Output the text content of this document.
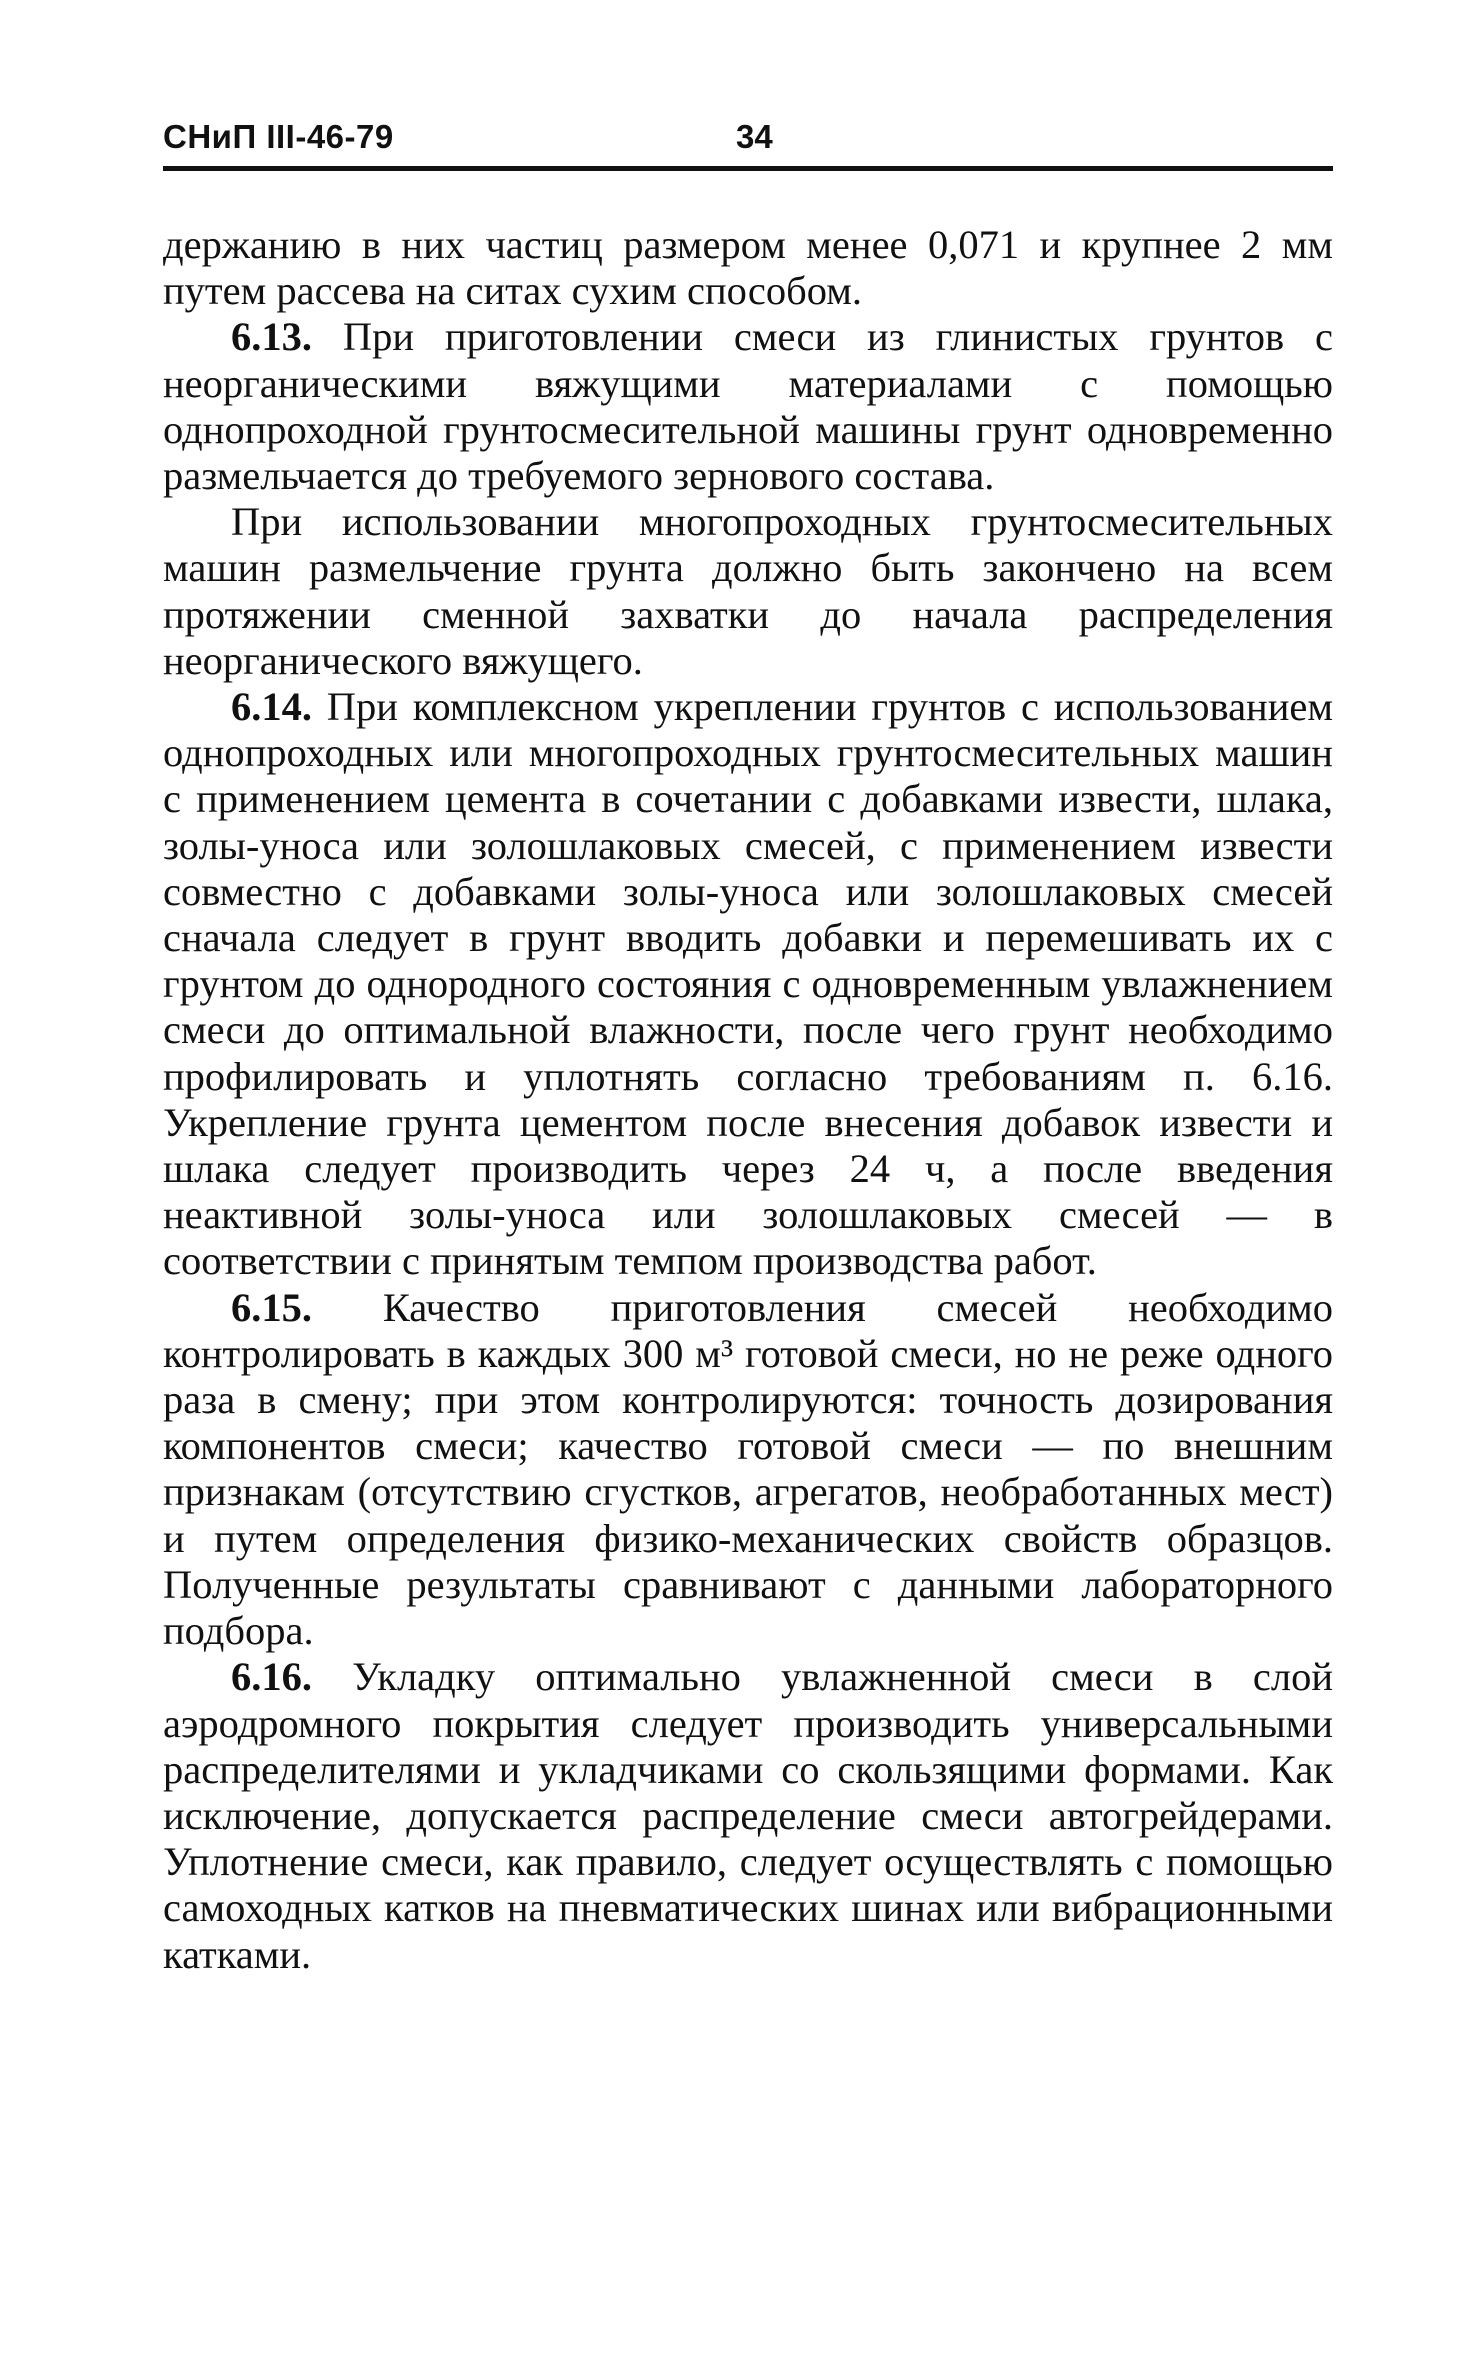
СНиП III-46-79	34

держанию в них частиц размером менее 0,071 и крупнее 2 мм путем рассева на ситах сухим способом.

6.13. При приготовлении смеси из глинистых грунтов с неорганическими вяжущими материалами с помощью однопроходной грунтосмесительной машины грунт одновременно размельчается до требуемого зернового состава.

При использовании многопроходных грунтосмесительных машин размельчение грунта должно быть закончено на всем протяжении сменной захватки до начала распределения неорганического вяжущего.

6.14. При комплексном укреплении грунтов с использованием однопроходных или многопроходных грунтосмесительных машин с применением цемента в сочетании с добавками извести, шлака, золы-уноса или золошлаковых смесей, с применением извести совместно с добавками золы-уноса или золошлаковых смесей сначала следует в грунт вводить добавки и перемешивать их с грунтом до однородного состояния с одновременным увлажнением смеси до оптимальной влажности, после чего грунт необходимо профилировать и уплотнять согласно требованиям п. 6.16. Укрепление грунта цементом после внесения добавок извести и шлака следует производить через 24 ч, а после введения неактивной золы-уноса или золошлаковых смесей — в соответствии с принятым темпом производства работ.

6.15. Качество приготовления смесей необходимо контролировать в каждых 300 м³ готовой смеси, но не реже одного раза в смену; при этом контролируются: точность дозирования компонентов смеси; качество готовой смеси — по внешним признакам (отсутствию сгустков, агрегатов, необработанных мест) и путем определения физико-механических свойств образцов. Полученные результаты сравнивают с данными лабораторного подбора.

6.16. Укладку оптимально увлажненной смеси в слой аэродромного покрытия следует производить универсальными распределителями и укладчиками со скользящими формами. Как исключение, допускается распределение смеси автогрейдерами. Уплотнение смеси, как правило, следует осуществлять с помощью самоходных катков на пневматических шинах или вибрационными катками.
